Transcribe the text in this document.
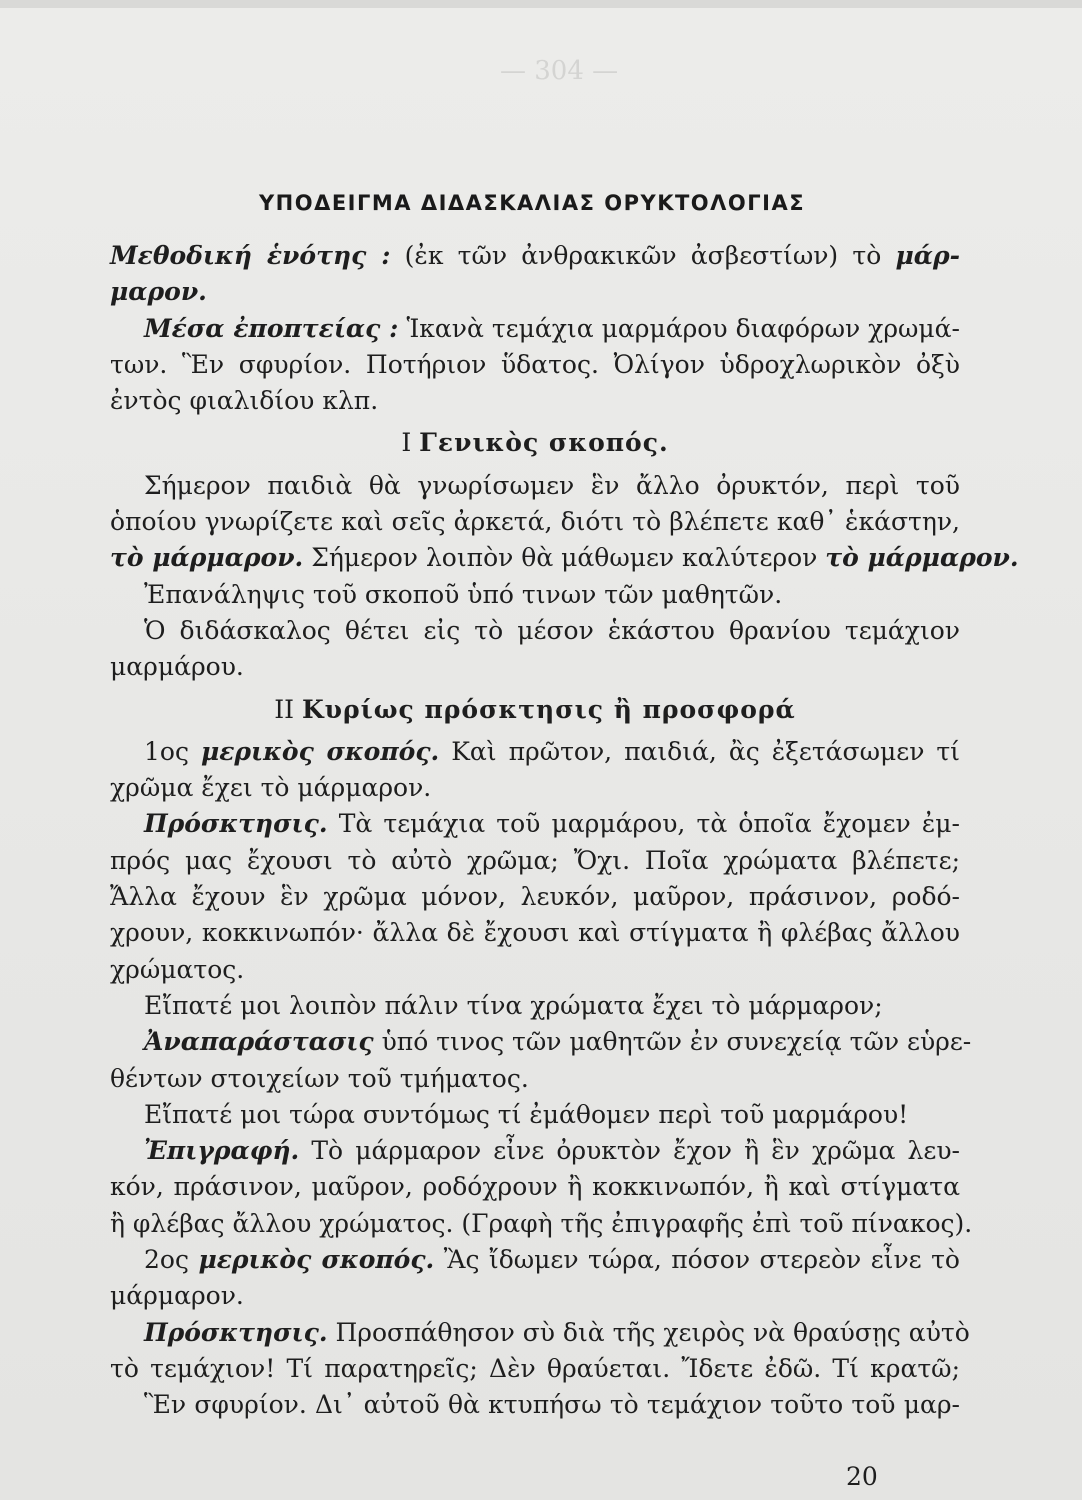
— 304 —
ΥΠΟΔΕΙΓΜΑ ΔΙΔΑΣΚΑΛΙΑΣ ΟΡΥΚΤΟΛΟΓΙΑΣ
Μεθοδική ἑνότης : (ἐκ τῶν ἀνθρακικῶν ἀσβεστίων) τὸ μάρ-
μαρον.
Μέσα ἐποπτείας : Ἱκανὰ τεμάχια μαρμάρου διαφόρων χρωμά-
των. Ἓν σφυρίον. Ποτήριον ὕδατος. Ὀλίγον ὑδροχλωρικὸν ὀξὺ
ἐντὸς φιαλιδίου κλπ.
Ι Γενικὸς σκοπός.
Σήμερον παιδιὰ θὰ γνωρίσωμεν ἓν ἄλλο ὀρυκτόν, περὶ τοῦ
ὁποίου γνωρίζετε καὶ σεῖς ἀρκετά, διότι τὸ βλέπετε καθ᾽ ἑκάστην,
τὸ μάρμαρον. Σήμερον λοιπὸν θὰ μάθωμεν καλύτερον τὸ μάρμαρον.
Ἐπανάληψις τοῦ σκοποῦ ὑπό τινων τῶν μαθητῶν.
Ὁ διδάσκαλος θέτει εἰς τὸ μέσον ἑκάστου θρανίου τεμάχιον
μαρμάρου.
ΙΙ Κυρίως πρόσκτησις ἢ προσφορά
1ος μερικὸς σκοπός. Καὶ πρῶτον, παιδιά, ἂς ἐξετάσωμεν τί
χρῶμα ἔχει τὸ μάρμαρον.
Πρόσκτησις. Τὰ τεμάχια τοῦ μαρμάρου, τὰ ὁποῖα ἔχομεν ἐμ-
πρός μας ἔχουσι τὸ αὐτὸ χρῶμα; Ὄχι. Ποῖα χρώματα βλέπετε;
Ἄλλα ἔχουν ἓν χρῶμα μόνον, λευκόν, μαῦρον, πράσινον, ροδό-
χρουν, κοκκινωπόν· ἄλλα δὲ ἔχουσι καὶ στίγματα ἢ φλέβας ἄλλου
χρώματος.
Εἴπατέ μοι λοιπὸν πάλιν τίνα χρώματα ἔχει τὸ μάρμαρον;
Ἀναπαράστασις ὑπό τινος τῶν μαθητῶν ἐν συνεχείᾳ τῶν εὑρε-
θέντων στοιχείων τοῦ τμήματος.
Εἴπατέ μοι τώρα συντόμως τί ἐμάθομεν περὶ τοῦ μαρμάρου!
Ἐπιγραφή. Τὸ μάρμαρον εἶνε ὀρυκτὸν ἔχον ἢ ἓν χρῶμα λευ-
κόν, πράσινον, μαῦρον, ροδόχρουν ἢ κοκκινωπόν, ἢ καὶ στίγματα
ἢ φλέβας ἄλλου χρώματος. (Γραφὴ τῆς ἐπιγραφῆς ἐπὶ τοῦ πίνακος).
2ος μερικὸς σκοπός. Ἂς ἴδωμεν τώρα, πόσον στερεὸν εἶνε τὸ
μάρμαρον.
Πρόσκτησις. Προσπάθησον σὺ διὰ τῆς χειρὸς νὰ θραύσῃς αὐτὸ
τὸ τεμάχιον! Τί παρατηρεῖς; Δὲν θραύεται. Ἴδετε ἐδῶ. Τί κρατῶ;
Ἓν σφυρίον. Δι᾽ αὐτοῦ θὰ κτυπήσω τὸ τεμάχιον τοῦτο τοῦ μαρ-
20
